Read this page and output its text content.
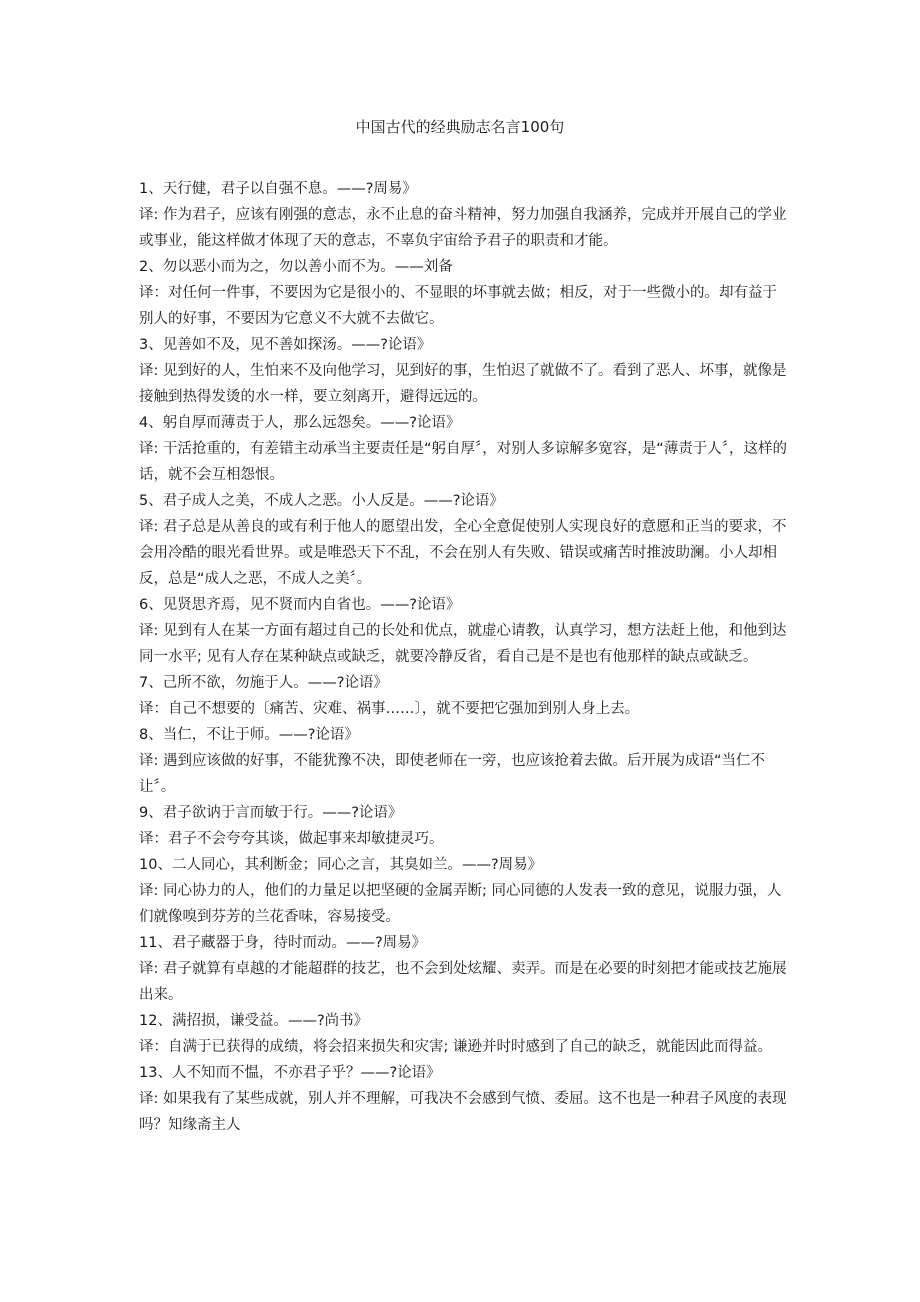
中国古代的经典励志名言100句

1、天行健，君子以自强不息。——?周易》

译: 作为君子，应该有刚强的意志，永不止息的奋斗精神，努力加强自我涵养，完成并开展自己的学业或事业，能这样做才体现了天的意志，不辜负宇宙给予君子的职责和才能。

2、勿以恶小而为之，勿以善小而不为。——刘备

译：对任何一件事，不要因为它是很小的、不显眼的坏事就去做；相反，对于一些微小的。却有益于别人的好事，不要因为它意义不大就不去做它。

3、见善如不及，见不善如探汤。——?论语》

译: 见到好的人，生怕来不及向他学习，见到好的事，生怕迟了就做不了。看到了恶人、坏事，就像是接触到热得发烫的水一样，要立刻离开，避得远远的。

4、躬自厚而薄责于人，那么远怨矣。——?论语》

译: 干活抢重的，有差错主动承当主要责任是“躬自厚〞，对别人多谅解多宽容，是“薄责于人〞，这样的话，就不会互相怨恨。

5、君子成人之美，不成人之恶。小人反是。——?论语》

译: 君子总是从善良的或有利于他人的愿望出发，全心全意促使别人实现良好的意愿和正当的要求，不会用冷酷的眼光看世界。或是唯恐天下不乱，不会在别人有失败、错误或痛苦时推波助澜。小人却相反，总是“成人之恶，不成人之美〞。

6、见贤思齐焉，见不贤而内自省也。——?论语》

译: 见到有人在某一方面有超过自己的长处和优点，就虚心请教，认真学习，想方法赶上他，和他到达同一水平; 见有人存在某种缺点或缺乏，就要冷静反省，看自己是不是也有他那样的缺点或缺乏。

7、己所不欲，勿施于人。——?论语》

译：自己不想要的〔痛苦、灾难、祸事……〕，就不要把它强加到别人身上去。

8、当仁，不让于师。——?论语》

译: 遇到应该做的好事，不能犹豫不决，即使老师在一旁，也应该抢着去做。后开展为成语“当仁不让〞。

9、君子欲讷于言而敏于行。——?论语》

译：君子不会夸夸其谈，做起事来却敏捷灵巧。

10、二人同心，其利断金；同心之言，其臭如兰。——?周易》

译: 同心协力的人，他们的力量足以把坚硬的金属弄断; 同心同德的人发表一致的意见，说服力强，人们就像嗅到芬芳的兰花香味，容易接受。

11、君子藏器于身，待时而动。——?周易》

译: 君子就算有卓越的才能超群的技艺，也不会到处炫耀、卖弄。而是在必要的时刻把才能或技艺施展出来。

12、满招损，谦受益。——?尚书》

译：自满于已获得的成绩，将会招来损失和灾害; 谦逊并时时感到了自己的缺乏，就能因此而得益。

13、人不知而不愠，不亦君子乎？——?论语》

译: 如果我有了某些成就，别人并不理解，可我决不会感到气愤、委屈。这不也是一种君子风度的表现吗？知缘斋主人
